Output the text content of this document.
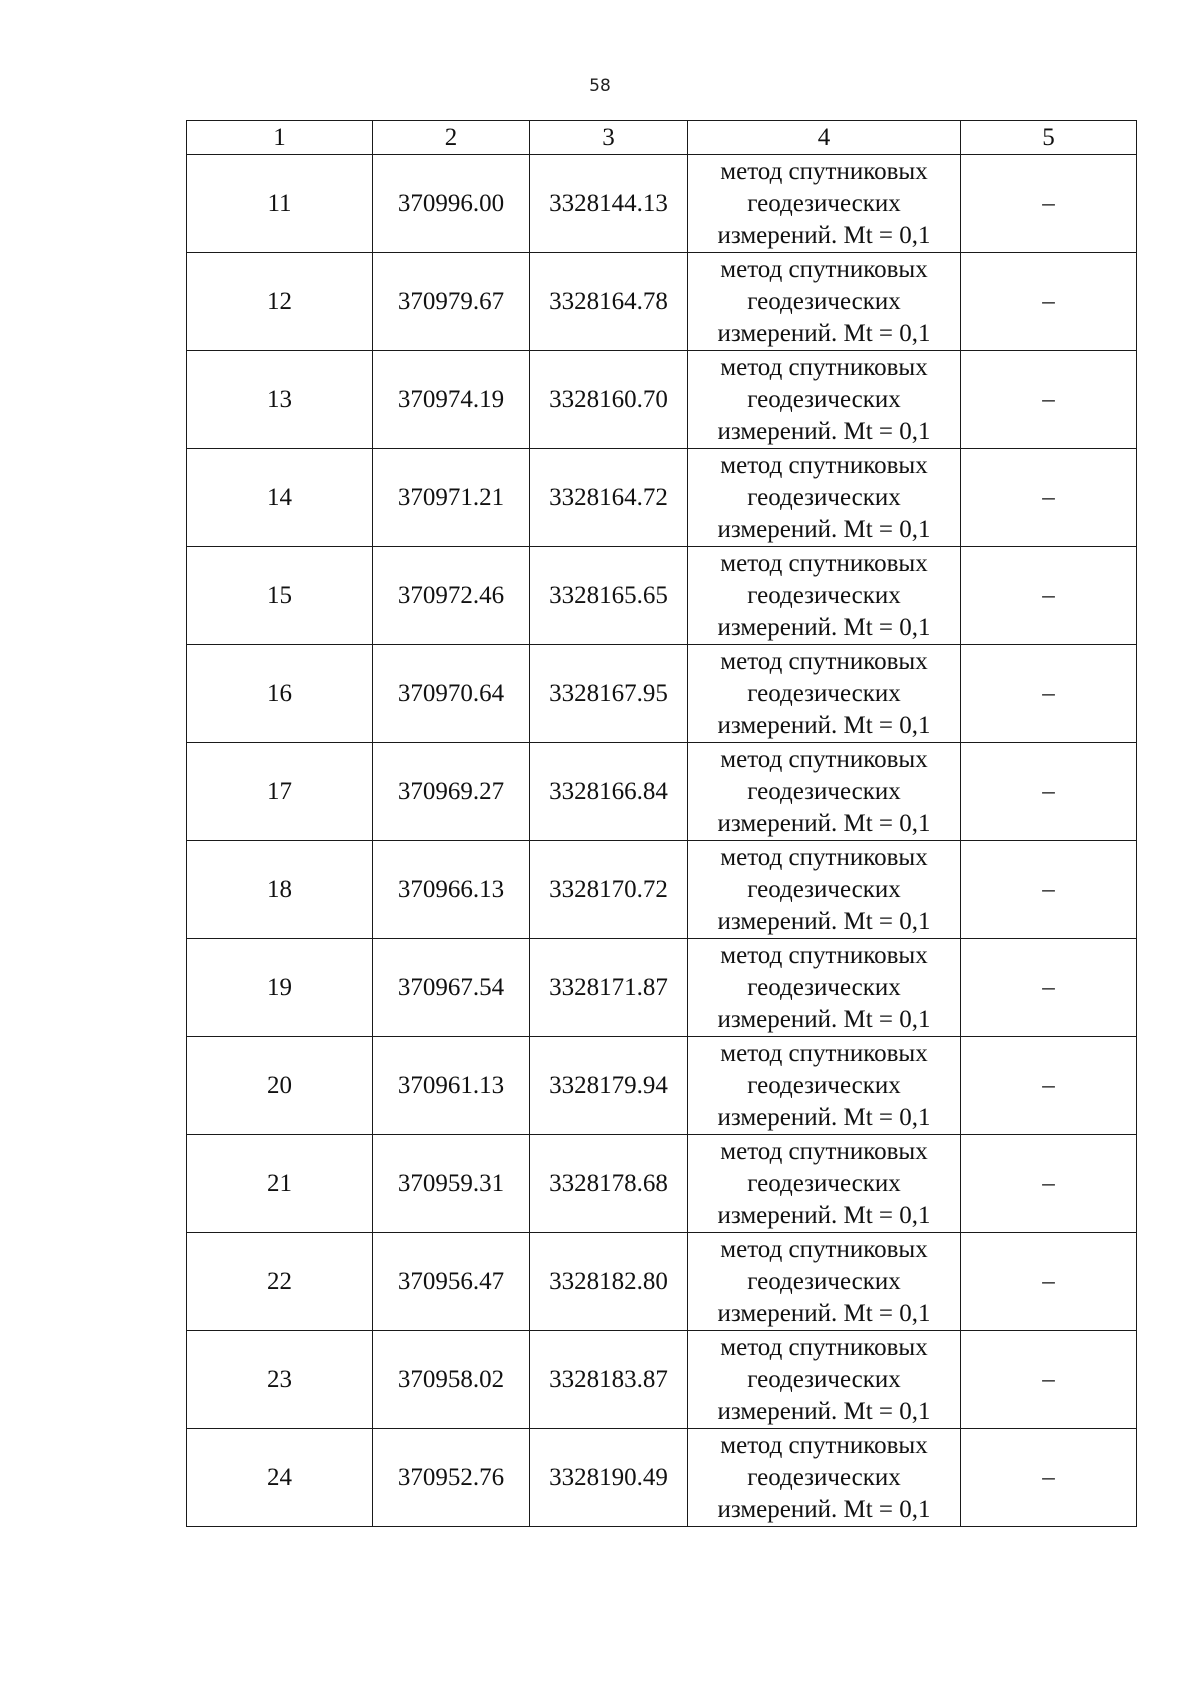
58
1	2	3	4	5
11	370996.00	3328144.13	метод спутниковых
геодезических
измерений. Mt = 0,1	–
12	370979.67	3328164.78	метод спутниковых
геодезических
измерений. Mt = 0,1	–
13	370974.19	3328160.70	метод спутниковых
геодезических
измерений. Mt = 0,1	–
14	370971.21	3328164.72	метод спутниковых
геодезических
измерений. Mt = 0,1	–
15	370972.46	3328165.65	метод спутниковых
геодезических
измерений. Mt = 0,1	–
16	370970.64	3328167.95	метод спутниковых
геодезических
измерений. Mt = 0,1	–
17	370969.27	3328166.84	метод спутниковых
геодезических
измерений. Mt = 0,1	–
18	370966.13	3328170.72	метод спутниковых
геодезических
измерений. Mt = 0,1	–
19	370967.54	3328171.87	метод спутниковых
геодезических
измерений. Mt = 0,1	–
20	370961.13	3328179.94	метод спутниковых
геодезических
измерений. Mt = 0,1	–
21	370959.31	3328178.68	метод спутниковых
геодезических
измерений. Mt = 0,1	–
22	370956.47	3328182.80	метод спутниковых
геодезических
измерений. Mt = 0,1	–
23	370958.02	3328183.87	метод спутниковых
геодезических
измерений. Mt = 0,1	–
24	370952.76	3328190.49	метод спутниковых
геодезических
измерений. Mt = 0,1	–
